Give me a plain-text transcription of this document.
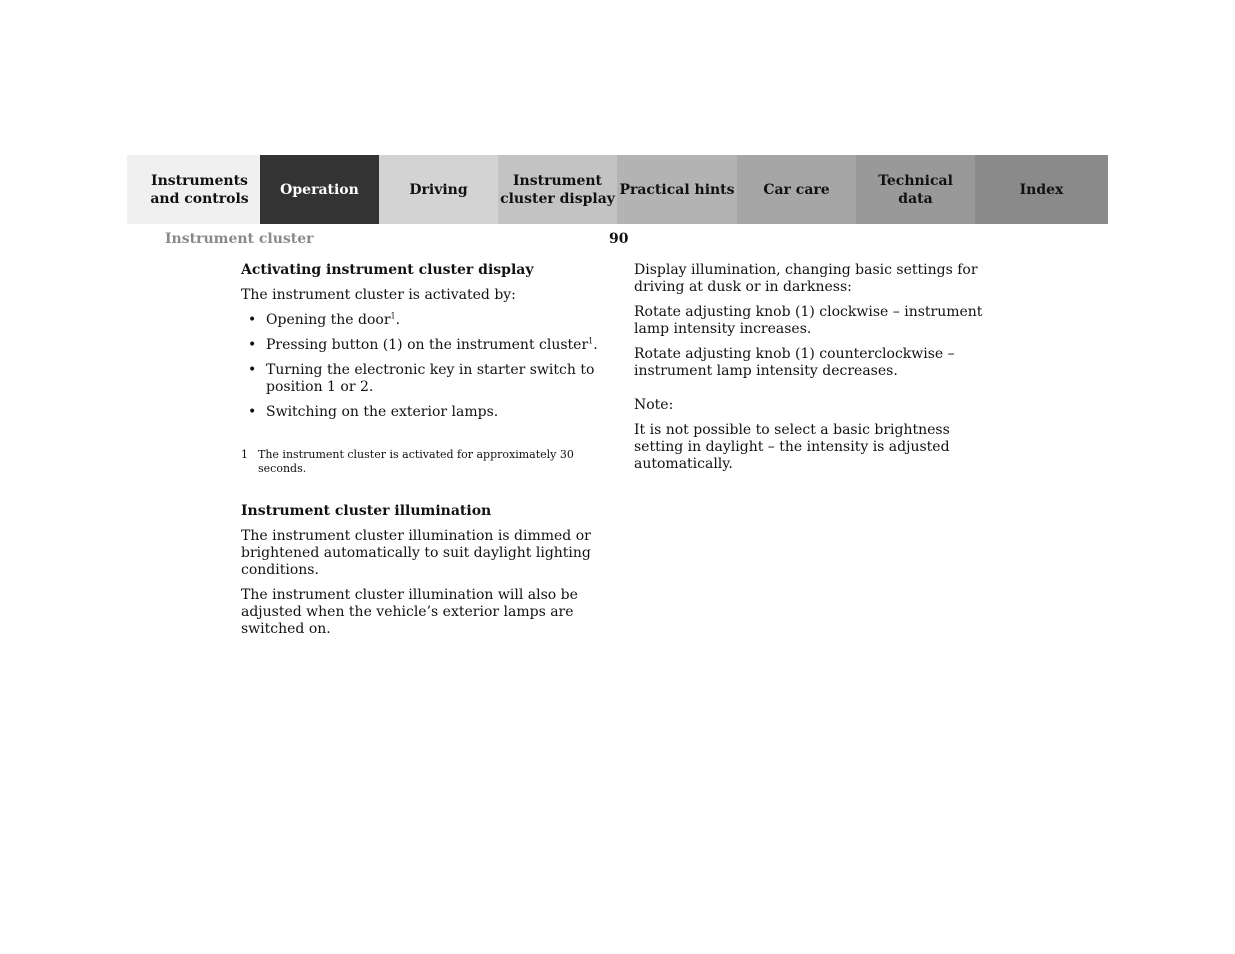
Instruments
and controls
Operation	Driving
Instrument
cluster display
Practical hints	Car care
Technical
data
Index
Instrument cluster	90
Activating instrument cluster display

The instrument cluster is activated by:

• Opening the door$^1$.
• Pressing button (1) on the instrument cluster$^1$.
• Turning the electronic key in starter switch to position 1 or 2.
• Switching on the exterior lamps.
1 The instrument cluster is activated for approximately 30 seconds.
Instrument cluster illumination

The instrument cluster illumination is dimmed or brightened automatically to suit daylight lighting conditions.

The instrument cluster illumination will also be adjusted when the vehicle’s exterior lamps are switched on.

Display illumination, changing basic settings for driving at dusk or in darkness:

Rotate adjusting knob (1) clockwise – instrument lamp intensity increases.

Rotate adjusting knob (1) counterclockwise – instrument lamp intensity decreases.

Note:

It is not possible to select a basic brightness setting in daylight – the intensity is adjusted automatically.
